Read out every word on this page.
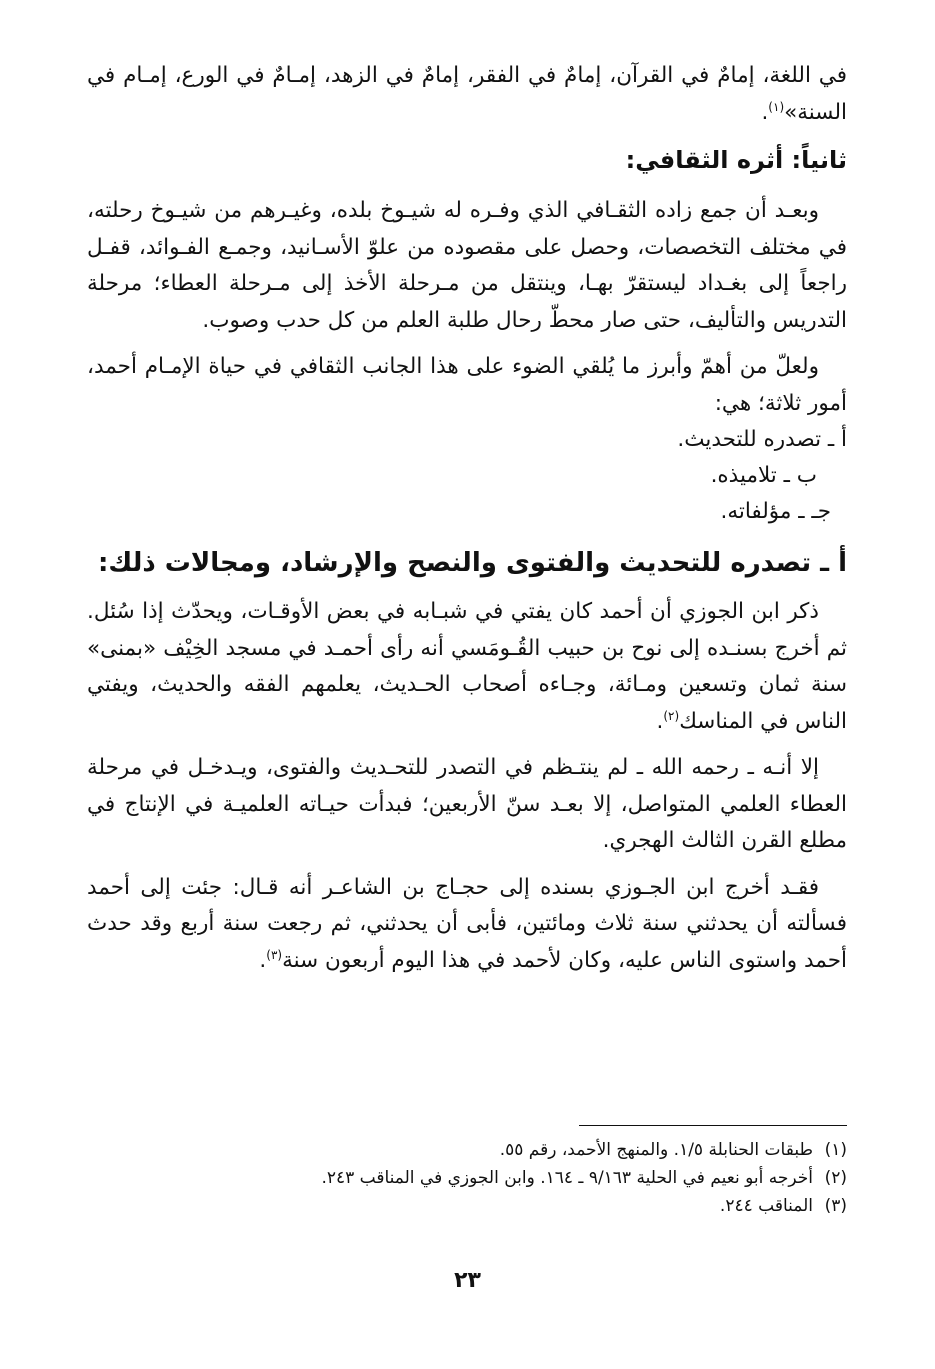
في اللغة، إمامٌ في القرآن، إمامٌ في الفقر، إمامٌ في الزهد، إمـامٌ في الورع، إمـام في السنة»$^{(١)}$.

ثانياً: أثره الثقافي:

وبعـد أن جمع زاده الثقـافي الذي وفـره له شيـوخ بلده، وغيـرهم من شيـوخ رحلته، في مختلف التخصصات، وحصل على مقصوده من علوّ الأسـانيد، وجمـع الفـوائد، قفـل راجعاً إلى بغـداد ليستقرّ بهـا، وينتقل من مـرحلة الأخذ إلى مـرحلة العطاء؛ مرحلة التدريس والتأليف، حتى صار محطّ رحال طلبة العلم من كل حدب وصوب.

ولعلّ من أهمّ وأبرز ما يُلقي الضوء على هذا الجانب الثقافي في حياة الإمـام أحمد، أمور ثلاثة؛ هي:

أ ـ تصدره للتحديث.
ب ـ تلاميذه.
جـ ـ مؤلفاته.
أ ـ تصدره للتحديث والفتوى والنصح والإرشاد، ومجالات ذلك:

ذكر ابن الجوزي أن أحمد كان يفتي في شبـابه في بعض الأوقـات، ويحدّث إذا سُئل. ثم أخرج بسنـده إلى نوح بن حبيب القُـومَسي أنه رأى أحمـد في مسجد الخِيْف «بمنى» سنة ثمان وتسعين ومـائة، وجـاءه أصحاب الحـديث، يعلمهم الفقه والحديث، ويفتي الناس في المناسك$^{(٢)}$.

إلا أنـه ـ رحمه الله ـ لم ينتـظم في التصدر للتحـديث والفتوى، ويـدخـل في مرحلة العطاء العلمي المتواصل، إلا بعـد سنّ الأربعين؛ فبدأت حيـاته العلميـة في الإنتاج في مطلع القرن الثالث الهجري.

فقـد أخرج ابن الجـوزي بسنده إلى حجـاج بن الشاعـر أنه قـال: جئت إلى أحمد فسألته أن يحدثني سنة ثلاث ومائتين، فأبى أن يحدثني، ثم رجعت سنة أربع وقد حدث أحمد واستوى الناس عليه، وكان لأحمد في هذا اليوم أربعون سنة$^{(٣)}$.

(١)
طبقات الحنابلة ١/٥. والمنهج الأحمد، رقم ٥٥.
(٢)
أخرجه أبو نعيم في الحلية ٩/١٦٣ ـ ١٦٤. وابن الجوزي في المناقب ٢٤٣.
(٣)
المناقب ٢٤٤.
٢٣
